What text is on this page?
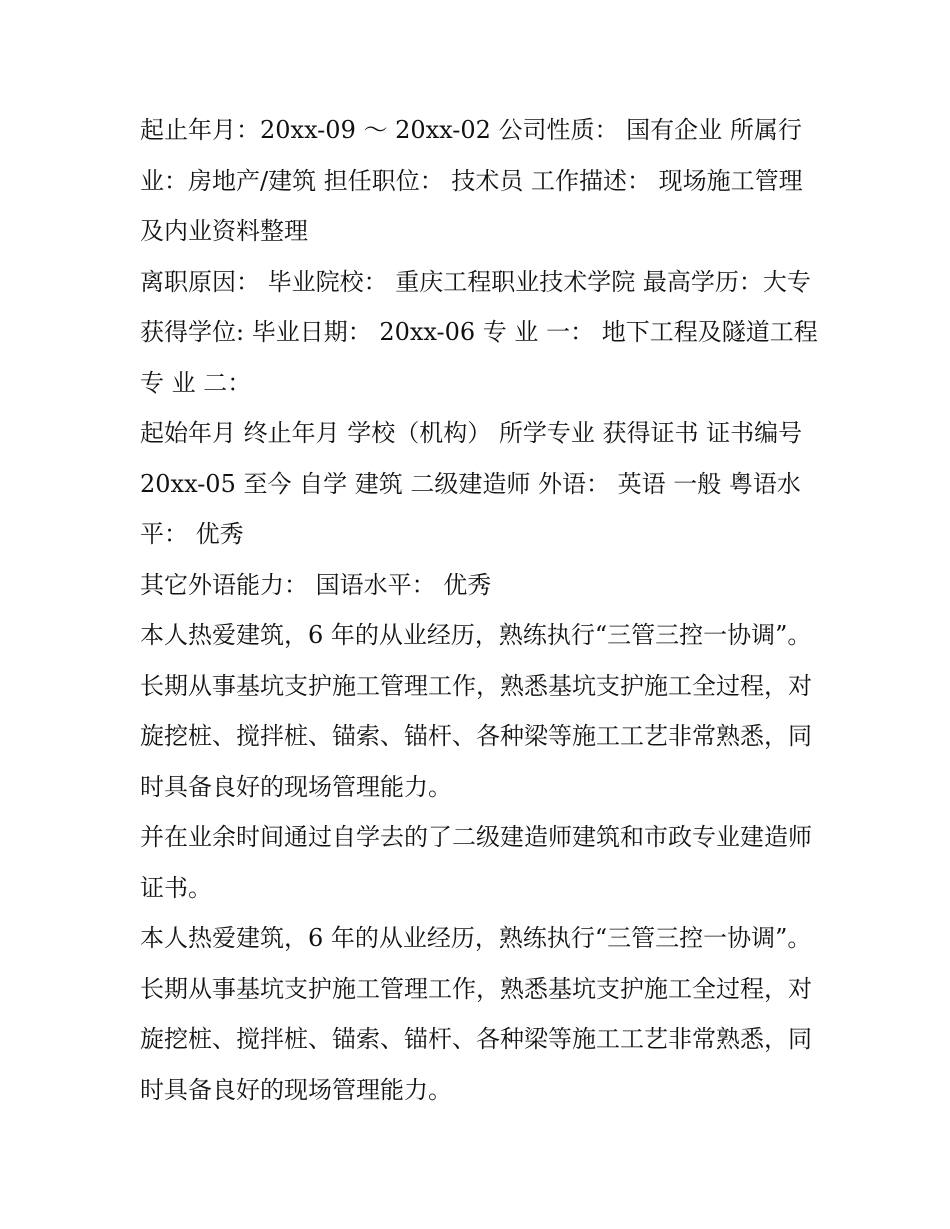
起止年月：20xx-09 ～ 20xx-02 公司性质： 国有企业 所属行业：房地产/建筑 担任职位： 技术员 工作描述： 现场施工管理及内业资料整理

离职原因： 毕业院校： 重庆工程职业技术学院 最高学历：大专 获得学位: 毕业日期： 20xx-06 专 业 一： 地下工程及隧道工程 专 业 二：

起始年月 终止年月 学校（机构） 所学专业 获得证书 证书编号 20xx-05 至今 自学 建筑 二级建造师 外语： 英语 一般 粤语水平： 优秀

其它外语能力： 国语水平： 优秀

本人热爱建筑，6 年的从业经历，熟练执行“三管三控一协调”。长期从事基坑支护施工管理工作，熟悉基坑支护施工全过程，对旋挖桩、搅拌桩、锚索、锚杆、各种梁等施工工艺非常熟悉，同时具备良好的现场管理能力。

并在业余时间通过自学去的了二级建造师建筑和市政专业建造师证书。

本人热爱建筑，6 年的从业经历，熟练执行“三管三控一协调”。长期从事基坑支护施工管理工作，熟悉基坑支护施工全过程，对旋挖桩、搅拌桩、锚索、锚杆、各种梁等施工工艺非常熟悉，同时具备良好的现场管理能力。
